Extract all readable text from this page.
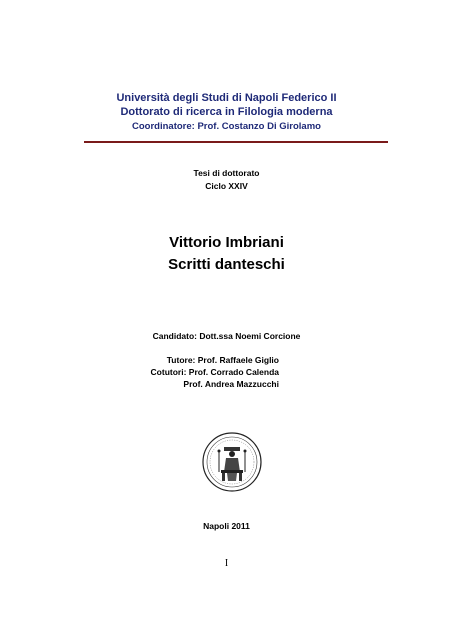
Università degli Studi di Napoli Federico II
Dottorato di ricerca in Filologia moderna
Coordinatore: Prof. Costanzo Di Girolamo
Tesi di dottorato
Ciclo XXIV
Vittorio Imbriani
Scritti danteschi
Candidato: Dott.ssa Noemi Corcione
Tutore: Prof. Raffaele Giglio
Cotutori: Prof. Corrado Calenda
Prof. Andrea Mazzucchi
Napoli 2011
I
